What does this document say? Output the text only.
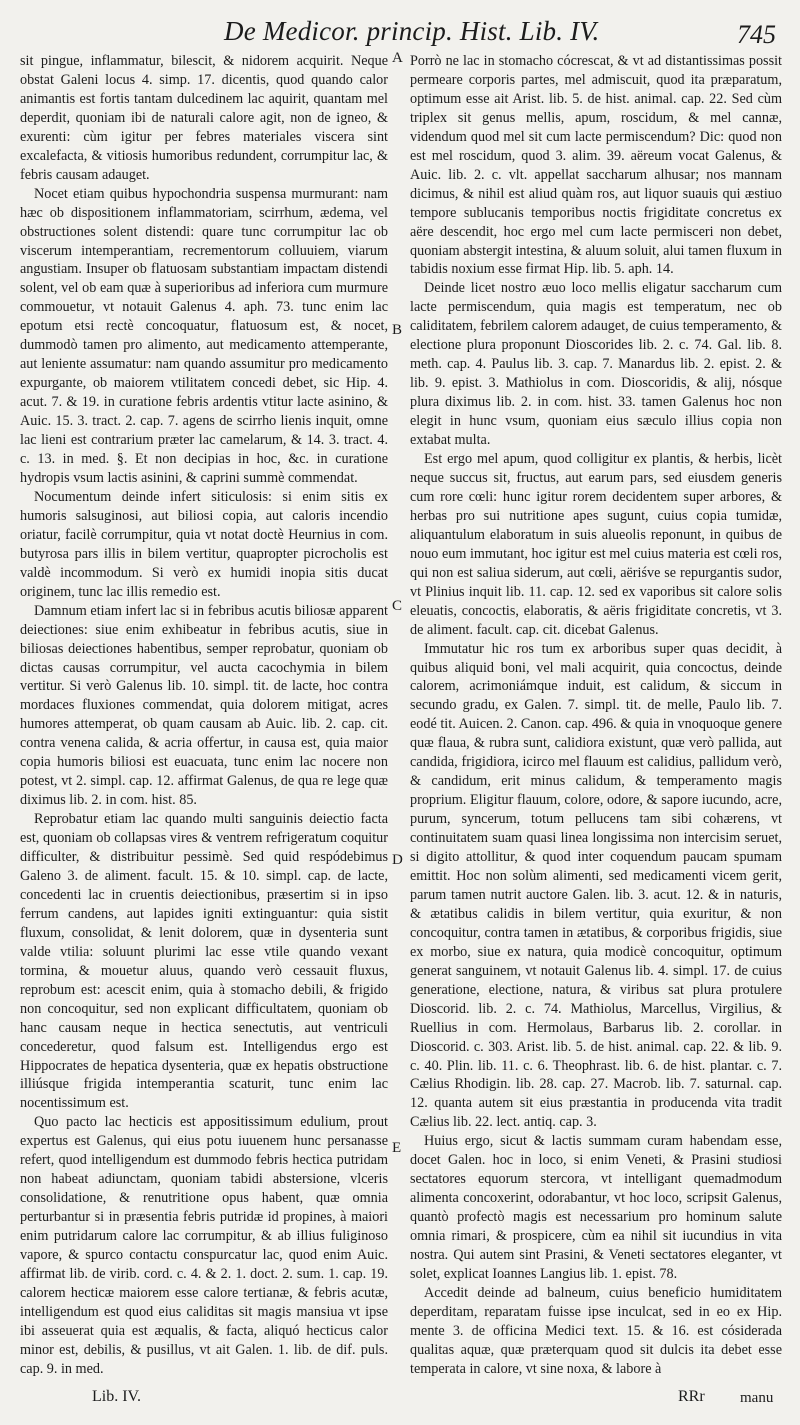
De Medicor. princip. Hist. Lib. IV.	745

sit pingue, inflammatur, bilescit, & nidorem acquirit. Neque obstat Galeni locus 4. simp. 17. dicentis, quod quando calor animantis est fortis tantam dulcedinem lac aquirit, quantam mel deperdit, quoniam ibi de naturali calore agit, non de igneo, & exurenti: cùm igitur per febres materiales viscera sint excalefacta, & vitiosis humoribus redundent, corrumpitur lac, & febris causam adauget.

Nocet etiam quibus hypochondria suspensa murmurant: nam hæc ob dispositionem inflammatoriam, scirrhum, ædema, vel obstructiones solent distendi: quare tunc corrumpitur lac ob viscerum intemperantiam, recrementorum colluuiem, viarum angustiam. Insuper ob flatuosam substantiam impactam distendi solent, vel ob eam quæ à superioribus ad inferiora cum murmure commouetur, vt notauit Galenus 4. aph. 73. tunc enim lac epotum etsi rectè concoquatur, flatuosum est, & nocet, dummodò tamen pro alimento, aut medicamento attemperante, aut leniente assumatur: nam quando assumitur pro medicamento expurgante, ob maiorem vtilitatem concedi debet, sic Hip. 4. acut. 7. & 19. in curatione febris ardentis vtitur lacte asinino, & Auic. 15. 3. tract. 2. cap. 7. agens de scirrho lienis inquit, omne lac lieni est contrarium præter lac camelarum, & 14. 3. tract. 4. c. 13. in med. §. Et non decipias in hoc, &c. in curatione hydropis vsum lactis asinini, & caprini summè commendat.

Nocumentum deinde infert siticulosis: si enim sitis ex humoris salsuginosi, aut biliosi copia, aut caloris incendio oriatur, facilè corrumpitur, quia vt notat doctè Heurnius in com. butyrosa pars illis in bilem vertitur, quapropter picrocholis est valdè incommodum. Si verò ex humidi inopia sitis ducat originem, tunc lac illis remedio est.

Damnum etiam infert lac si in febribus acutis biliosæ apparent deiectiones: siue enim exhibeatur in febribus acutis, siue in biliosas deiectiones habentibus, semper reprobatur, quoniam ob dictas causas corrumpitur, vel aucta cacochymia in bilem vertitur. Si verò Galenus lib. 10. simpl. tit. de lacte, hoc contra mordaces fluxiones commendat, quia dolorem mitigat, acres humores attemperat, ob quam causam ab Auic. lib. 2. cap. cit. contra venena calida, & acria offertur, in causa est, quia maior copia humoris biliosi est euacuata, tunc enim lac nocere non potest, vt 2. simpl. cap. 12. affirmat Galenus, de qua re lege quæ diximus lib. 2. in com. hist. 85.

Reprobatur etiam lac quando multi sanguinis deiectio facta est, quoniam ob collapsas vires & ventrem refrigeratum coquitur difficulter, & distribuitur pessimè. Sed quid respódebimus Galeno 3. de aliment. facult. 15. & 10. simpl. cap. de lacte, concedenti lac in cruentis deiectionibus, præsertim si in ipso ferrum candens, aut lapides igniti extinguantur: quia sistit fluxum, consolidat, & lenit dolorem, quæ in dysenteria sunt valde vtilia: soluunt plurimi lac esse vtile quando vexant tormina, & mouetur aluus, quando verò cessauit fluxus, reprobum est: acescit enim, quia à stomacho debili, & frigido non concoquitur, sed non explicant difficultatem, quoniam ob hanc causam neque in hectica senectutis, aut ventriculi concederetur, quod falsum est. Intelligendus ergo est Hippocrates de hepatica dysenteria, quæ ex hepatis obstructione illiúsque frigida intemperantia scaturit, tunc enim lac nocentissimum est.

Quo pacto lac hecticis est appositissimum edulium, prout expertus est Galenus, qui eius potu iuuenem hunc persanasse refert, quod intelligendum est dummodo febris hectica putridam non habeat adiunctam, quoniam tabidi abstersione, vlceris consolidatione, & renutritione opus habent, quæ omnia perturbantur si in præsentia febris putridæ id propines, à maiori enim putridarum calore lac corrumpitur, & ab illius fuliginoso vapore, & spurco contactu conspurcatur lac, quod enim Auic. affirmat lib. de virib. cord. c. 4. & 2. 1. doct. 2. sum. 1. cap. 19. calorem hecticæ maiorem esse calore tertianæ, & febris acutæ, intelligendum est quod eius caliditas sit magis mansiua vt ipse ibi asseuerat quia est æqualis, & facta, aliquó hecticus calor minor est, debilis, & pusillus, vt ait Galen. 1. lib. de dif. puls. cap. 9. in med.

A
B
C
D
E

Porrò ne lac in stomacho cócrescat, & vt ad distantissimas possit permeare corporis partes, mel admiscuit, quod ita præparatum, optimum esse ait Arist. lib. 5. de hist. animal. cap. 22. Sed cùm triplex sit genus mellis, apum, roscidum, & mel cannæ, videndum quod mel sit cum lacte permiscendum? Dic: quod non est mel roscidum, quod 3. alim. 39. aëreum vocat Galenus, & Auic. lib. 2. c. vlt. appellat saccharum alhusar; nos mannam dicimus, & nihil est aliud quàm ros, aut liquor suauis qui æstiuo tempore sublucanis temporibus noctis frigiditate concretus ex aëre descendit, hoc ergo mel cum lacte permisceri non debet, quoniam abstergit intestina, & aluum soluit, alui tamen fluxum in tabidis noxium esse firmat Hip. lib. 5. aph. 14.

Deinde licet nostro æuo loco mellis eligatur saccharum cum lacte permiscendum, quia magis est temperatum, nec ob caliditatem, febrilem calorem adauget, de cuius temperamento, & electione plura proponunt Dioscorides lib. 2. c. 74. Gal. lib. 8. meth. cap. 4. Paulus lib. 3. cap. 7. Manardus lib. 2. epist. 2. & lib. 9. epist. 3. Mathiolus in com. Dioscoridis, & alij, nósque plura diximus lib. 2. in com. hist. 33. tamen Galenus hoc non elegit in hunc vsum, quoniam eius sæculo illius copia non extabat multa.

Est ergo mel apum, quod colligitur ex plantis, & herbis, licèt neque succus sit, fructus, aut earum pars, sed eiusdem generis cum rore cœli: hunc igitur rorem decidentem super arbores, & herbas pro sui nutritione apes sugunt, cuius copia tumidæ, aliquantulum elaboratum in suis alueolis reponunt, in quibus de nouo eum immutant, hoc igitur est mel cuius materia est cœli ros, qui non est saliua siderum, aut cœli, aëriśve se repurgantis sudor, vt Plinius inquit lib. 11. cap. 12. sed ex vaporibus sit calore solis eleuatis, concoctis, elaboratis, & aëris frigiditate concretis, vt 3. de aliment. facult. cap. cit. dicebat Galenus.

Immutatur hic ros tum ex arboribus super quas decidit, à quibus aliquid boni, vel mali acquirit, quia concoctus, deinde calorem, acrimoniámque induit, est calidum, & siccum in secundo gradu, ex Galen. 7. simpl. tit. de melle, Paulo lib. 7. eodé tit. Auicen. 2. Canon. cap. 496. & quia in vnoquoque genere quæ flaua, & rubra sunt, calidiora existunt, quæ verò pallida, aut candida, frigidiora, icirco mel flauum est calidius, pallidum verò, & candidum, erit minus calidum, & temperamento magis proprium. Eligitur flauum, colore, odore, & sapore iucundo, acre, purum, syncerum, totum pellucens tam sibi cohærens, vt continuitatem suam quasi linea longissima non intercisim seruet, si digito attollitur, & quod inter coquendum paucam spumam emittit. Hoc non solùm alimenti, sed medicamenti vicem gerit, parum tamen nutrit auctore Galen. lib. 3. acut. 12. & in naturis, & ætatibus calidis in bilem vertitur, quia exuritur, & non concoquitur, contra tamen in ætatibus, & corporibus frigidis, siue ex morbo, siue ex natura, quia modicè concoquitur, optimum generat sanguinem, vt notauit Galenus lib. 4. simpl. 17. de cuius generatione, electione, natura, & viribus sat plura protulere Dioscorid. lib. 2. c. 74. Mathiolus, Marcellus, Virgilius, & Ruellius in com. Hermolaus, Barbarus lib. 2. corollar. in Dioscorid. c. 303. Arist. lib. 5. de hist. animal. cap. 22. & lib. 9. c. 40. Plin. lib. 11. c. 6. Theophrast. lib. 6. de hist. plantar. c. 7. Cælius Rhodigin. lib. 28. cap. 27. Macrob. lib. 7. saturnal. cap. 12. quanta autem sit eius præstantia in producenda vita tradit Cælius lib. 22. lect. antiq. cap. 3.

Huius ergo, sicut & lactis summam curam habendam esse, docet Galen. hoc in loco, si enim Veneti, & Prasini studiosi sectatores equorum stercora, vt intelligant quemadmodum alimenta concoxerint, odorabantur, vt hoc loco, scripsit Galenus, quantò profectò magis est necessarium pro hominum salute omnia rimari, & prospicere, cùm ea nihil sit iucundius in vita nostra. Qui autem sint Prasini, & Veneti sectatores eleganter, vt solet, explicat Ioannes Langius lib. 1. epist. 78.

Accedit deinde ad balneum, cuius beneficio humiditatem deperditam, reparatam fuisse ipse inculcat, sed in eo ex Hip. mente 3. de officina Medici text. 15. & 16. est cósiderada qualitas aquæ, quæ præterquam quod sit dulcis ita debet esse temperata in calore, vt sine noxa, & labore à

Lib. IV.	RRr manu
